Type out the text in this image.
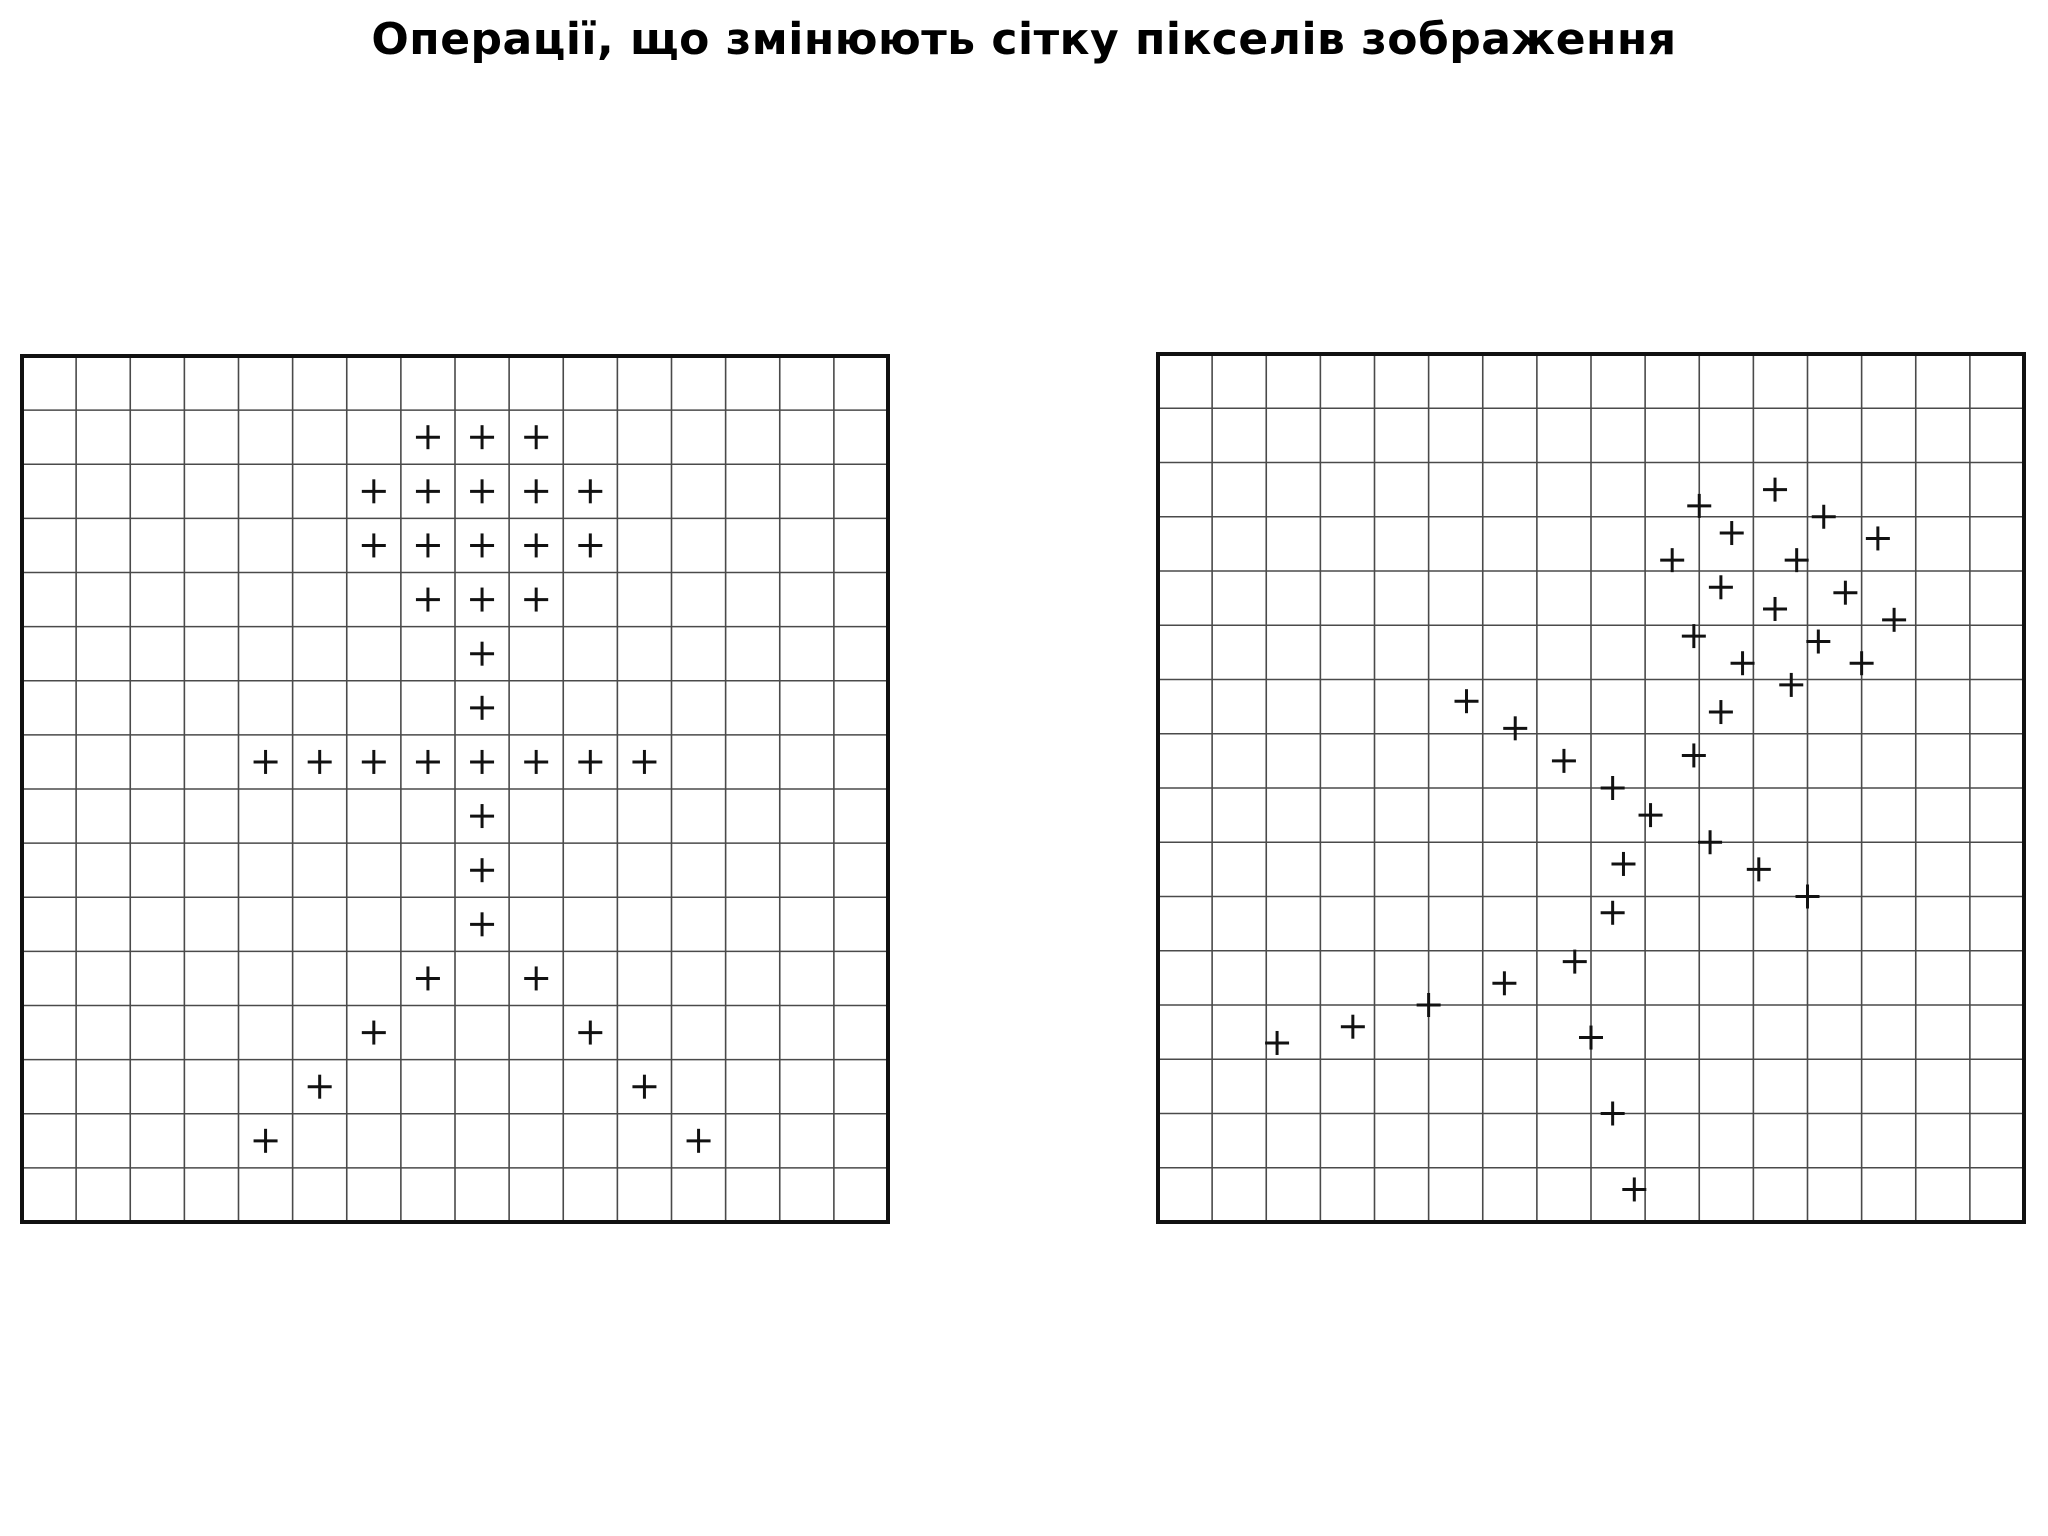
Операції, що змінюють сітку пікселів зображення
